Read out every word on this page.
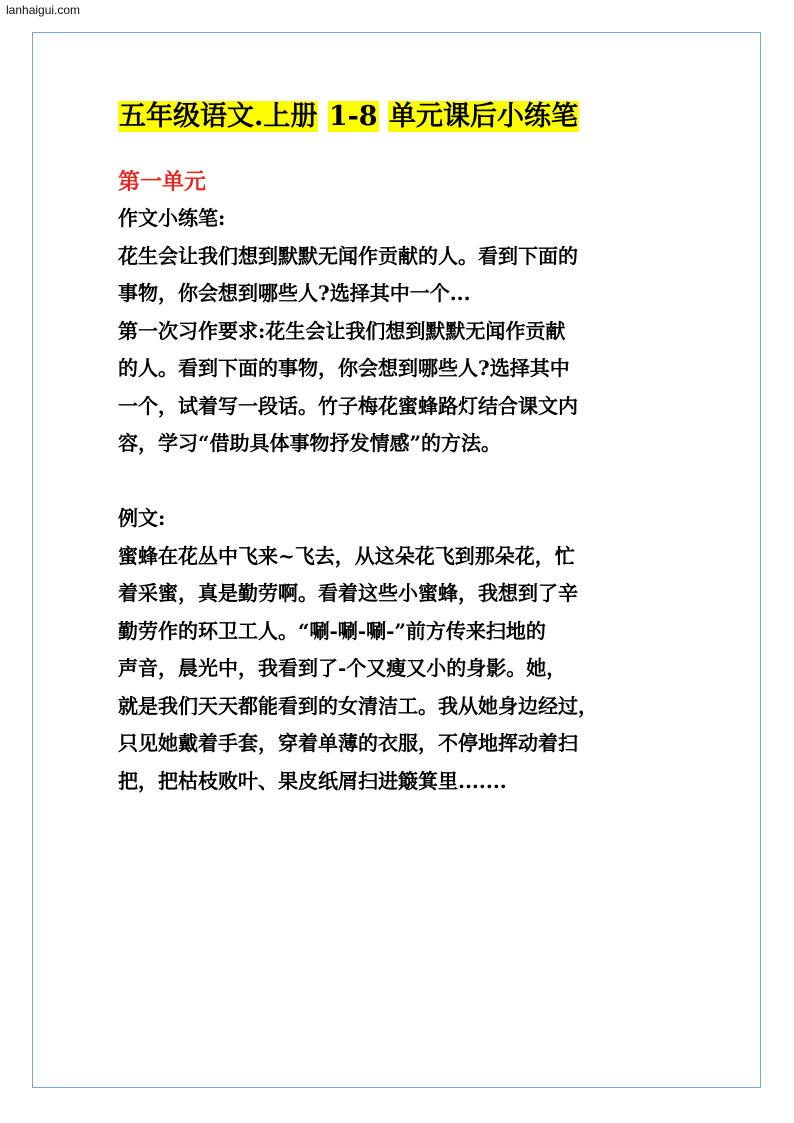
lanhaigui.com
五年级语文.上册 1-8 单元课后小练笔
第一单元
作文小练笔:
花生会让我们想到默默无闻作贡献的人。看到下面的
事物，你会想到哪些人?选择其中一个...
第一次习作要求:花生会让我们想到默默无闻作贡献
的人。看到下面的事物，你会想到哪些人?选择其中
一个，试着写一段话。竹子梅花蜜蜂路灯结合课文内
容，学习“借助具体事物抒发情感”的方法。
例文:
蜜蜂在花丛中飞来~飞去，从这朵花飞到那朵花，忙
着采蜜，真是勤劳啊。看着这些小蜜蜂，我想到了辛
勤劳作的环卫工人。“唰-唰-唰-”前方传来扫地的
声音，晨光中，我看到了-个又瘦又小的身影。她，
就是我们天天都能看到的女清洁工。我从她身边经过，
只见她戴着手套，穿着单薄的衣服，不停地挥动着扫
把，把枯枝败叶、果皮纸屑扫进簸箕里.......
